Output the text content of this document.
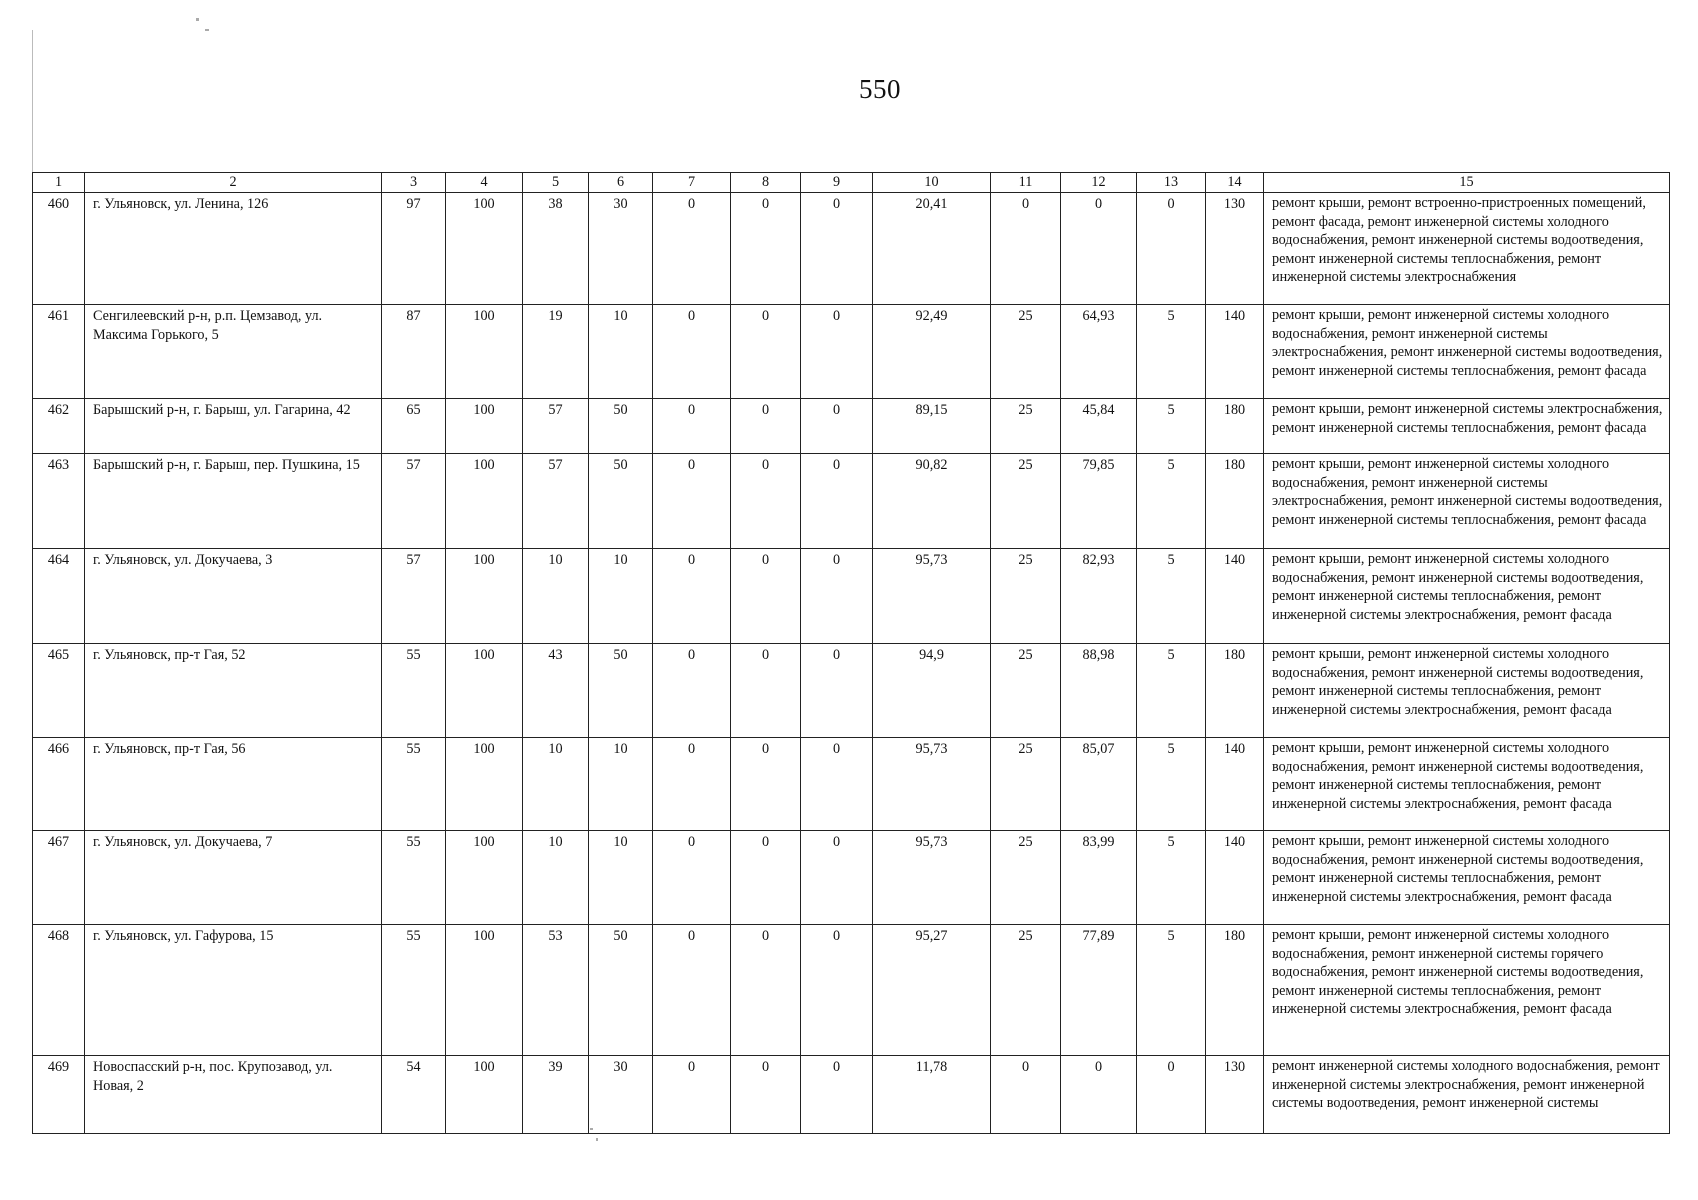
550
1	2	3	4	5	6	7	8	9	10	11	12	13	14	15
460	г. Ульяновск, ул. Ленина, 126	97	100	38	30	0	0	0	20,41	0	0	0	130	ремонт крыши, ремонт встроенно-пристроенных помещений, ремонт фасада, ремонт инженерной системы холодного водоснабжения, ремонт инженерной системы водоотведения, ремонт инженерной системы теплоснабжения, ремонт инженерной системы электроснабжения
461	Сенгилеевский р-н, р.п. Цемзавод, ул. Максима Горького, 5	87	100	19	10	0	0	0	92,49	25	64,93	5	140	ремонт крыши, ремонт инженерной системы холодного водоснабжения, ремонт инженерной системы электроснабжения, ремонт инженерной системы водоотведения, ремонт инженерной системы теплоснабжения, ремонт фасада
462	Барышский р-н, г. Барыш, ул. Гагарина, 42	65	100	57	50	0	0	0	89,15	25	45,84	5	180	ремонт крыши, ремонт инженерной системы электроснабжения, ремонт инженерной системы теплоснабжения, ремонт фасада
463	Барышский р-н, г. Барыш, пер. Пушкина, 15	57	100	57	50	0	0	0	90,82	25	79,85	5	180	ремонт крыши, ремонт инженерной системы холодного водоснабжения, ремонт инженерной системы электроснабжения, ремонт инженерной системы водоотведения, ремонт инженерной системы теплоснабжения, ремонт фасада
464	г. Ульяновск, ул. Докучаева, 3	57	100	10	10	0	0	0	95,73	25	82,93	5	140	ремонт крыши, ремонт инженерной системы холодного водоснабжения, ремонт инженерной системы водоотведения, ремонт инженерной системы теплоснабжения, ремонт инженерной системы электроснабжения, ремонт фасада
465	г. Ульяновск, пр-т Гая, 52	55	100	43	50	0	0	0	94,9	25	88,98	5	180	ремонт крыши, ремонт инженерной системы холодного водоснабжения, ремонт инженерной системы водоотведения, ремонт инженерной системы теплоснабжения, ремонт инженерной системы электроснабжения, ремонт фасада
466	г. Ульяновск, пр-т Гая, 56	55	100	10	10	0	0	0	95,73	25	85,07	5	140	ремонт крыши, ремонт инженерной системы холодного водоснабжения, ремонт инженерной системы водоотведения, ремонт инженерной системы теплоснабжения, ремонт инженерной системы электроснабжения, ремонт фасада
467	г. Ульяновск, ул. Докучаева, 7	55	100	10	10	0	0	0	95,73	25	83,99	5	140	ремонт крыши, ремонт инженерной системы холодного водоснабжения, ремонт инженерной системы водоотведения, ремонт инженерной системы теплоснабжения, ремонт инженерной системы электроснабжения, ремонт фасада
468	г. Ульяновск, ул. Гафурова, 15	55	100	53	50	0	0	0	95,27	25	77,89	5	180	ремонт крыши, ремонт инженерной системы холодного водоснабжения, ремонт инженерной системы горячего водоснабжения, ремонт инженерной системы водоотведения, ремонт инженерной системы теплоснабжения, ремонт инженерной системы электроснабжения, ремонт фасада
469	Новоспасский р-н, пос. Крупозавод, ул. Новая, 2	54	100	39	30	0	0	0	11,78	0	0	0	130	ремонт инженерной системы холодного водоснабжения, ремонт инженерной системы электроснабжения, ремонт инженерной системы водоотведения, ремонт инженерной системы
